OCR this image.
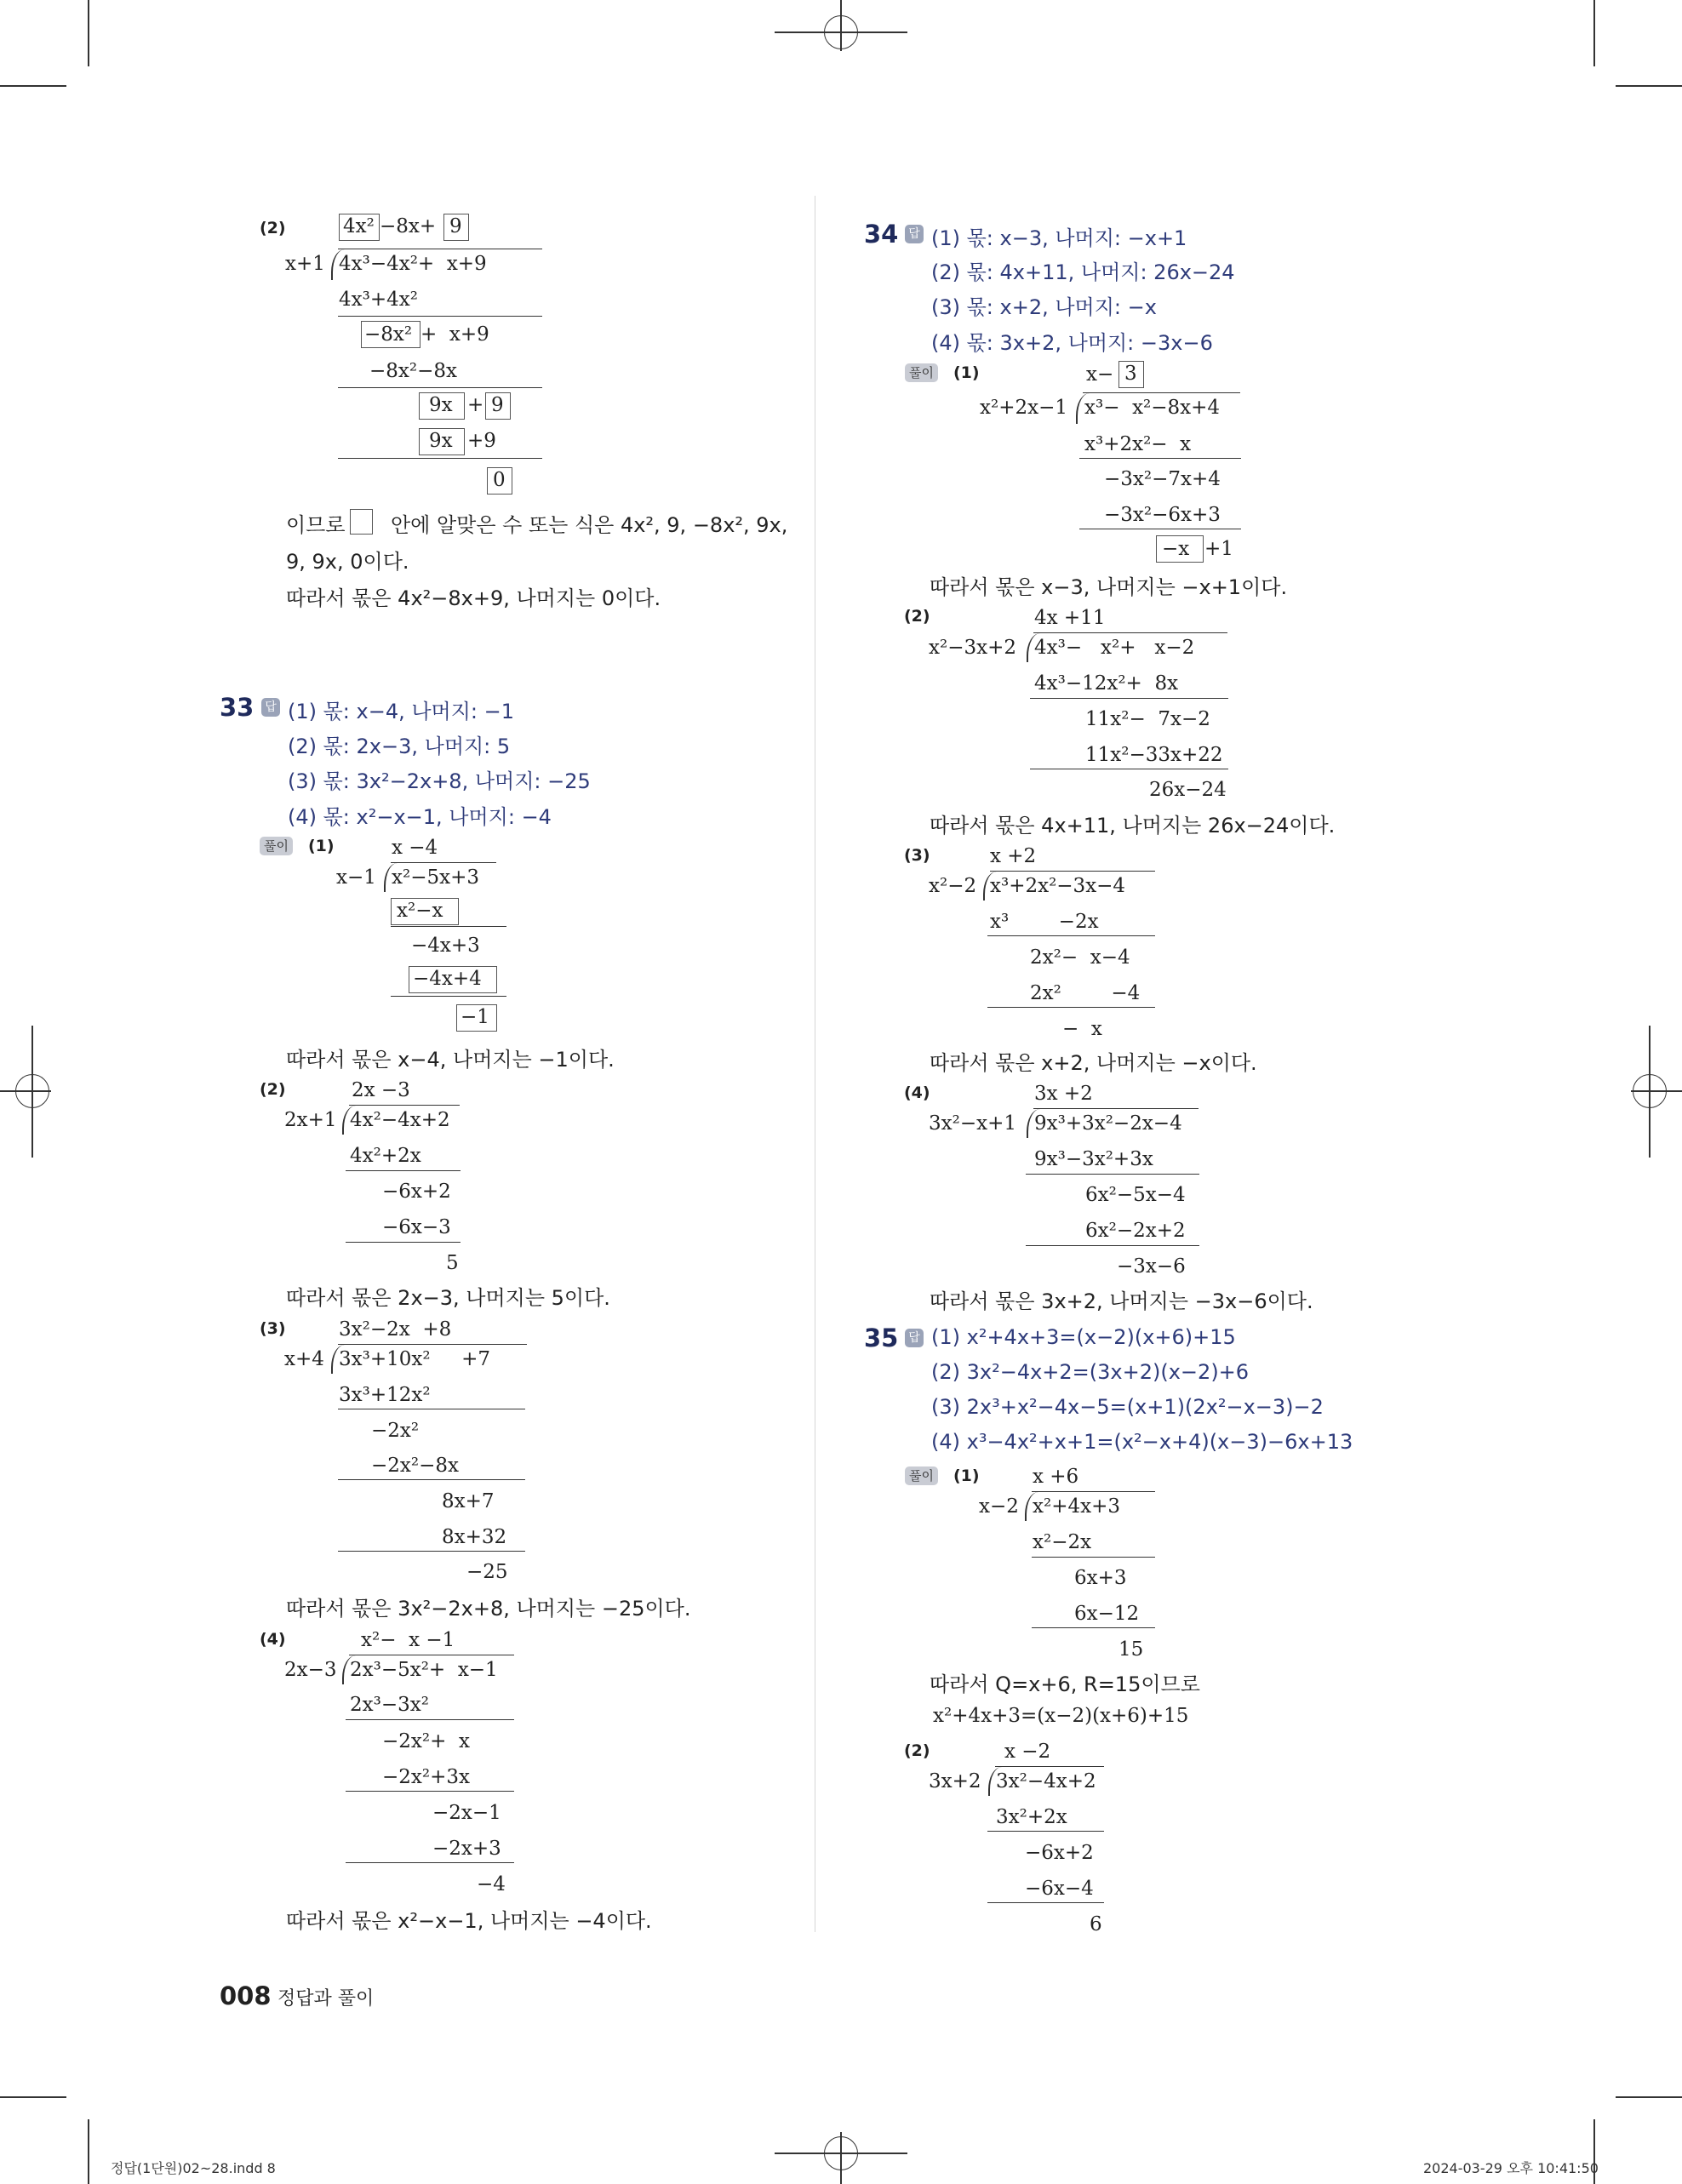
(2)	4x² −8x+ 9
x+1 4x³−4x²+  x+9
4x³+4x²
−8x² +  x+9
−8x²−8x
9x + 9
9x +9
0
이므로       안에 알맞은 수 또는 식은 4x², 9, −8x², 9x,
9, 9x, 0이다.
따라서 몫은 4x²−8x+9, 나머지는 0이다.
33 답 (1) 몫: x−4, 나머지: −1
(2) 몫: 2x−3, 나머지: 5
(3) 몫: 3x²−2x+8, 나머지: −25
(4) 몫: x²−x−1, 나머지: −4
풀이 (1)	x −4
x−1 x²−5x+3
x²−x
−4x+3
−4x+4
−1
따라서 몫은 x−4, 나머지는 −1이다.
(2)	2x −3
2x+1 4x²−4x+2
4x²+2x
−6x+2
−6x−3
5
따라서 몫은 2x−3, 나머지는 5이다.
(3)	3x²−2x  +8
x+4 3x³+10x²     +7
3x³+12x²
−2x²
−2x²−8x
8x+7
8x+32
−25
따라서 몫은 3x²−2x+8, 나머지는 −25이다.
(4)	x²−  x −1
2x−3 2x³−5x²+  x−1
2x³−3x²
−2x²+  x
−2x²+3x
−2x−1
−2x+3
−4
따라서 몫은 x²−x−1, 나머지는 −4이다.
008 정답과 풀이
34 답 (1) 몫: x−3, 나머지: −x+1
(2) 몫: 4x+11, 나머지: 26x−24
(3) 몫: x+2, 나머지: −x
(4) 몫: 3x+2, 나머지: −3x−6
풀이 (1)	x− 3
x²+2x−1 x³−  x²−8x+4
x³+2x²−  x
−3x²−7x+4
−3x²−6x+3
−x +1
따라서 몫은 x−3, 나머지는 −x+1이다.
(2)	4x +11
x²−3x+2 4x³−   x²+   x−2
4x³−12x²+  8x
11x²−  7x−2
11x²−33x+22
26x−24
따라서 몫은 4x+11, 나머지는 26x−24이다.
(3)	x +2
x²−2 x³+2x²−3x−4
x³        −2x
2x²−  x−4
2x²        −4
−  x
따라서 몫은 x+2, 나머지는 −x이다.
(4)	3x +2
3x²−x+1 9x³+3x²−2x−4
9x³−3x²+3x
6x²−5x−4
6x²−2x+2
−3x−6
따라서 몫은 3x+2, 나머지는 −3x−6이다.
35 답 (1) x²+4x+3=(x−2)(x+6)+15
(2) 3x²−4x+2=(3x+2)(x−2)+6
(3) 2x³+x²−4x−5=(x+1)(2x²−x−3)−2
(4) x³−4x²+x+1=(x²−x+4)(x−3)−6x+13
풀이 (1)	x +6
x−2 x²+4x+3
x²−2x
6x+3
6x−12
15
따라서 Q=x+6, R=15이므로
x²+4x+3=(x−2)(x+6)+15
(2)	x −2
3x+2 3x²−4x+2
3x²+2x
−6x+2
−6x−4
6
정답(1단원)02~28.indd 8	2024-03-29 오후 10:41:50
